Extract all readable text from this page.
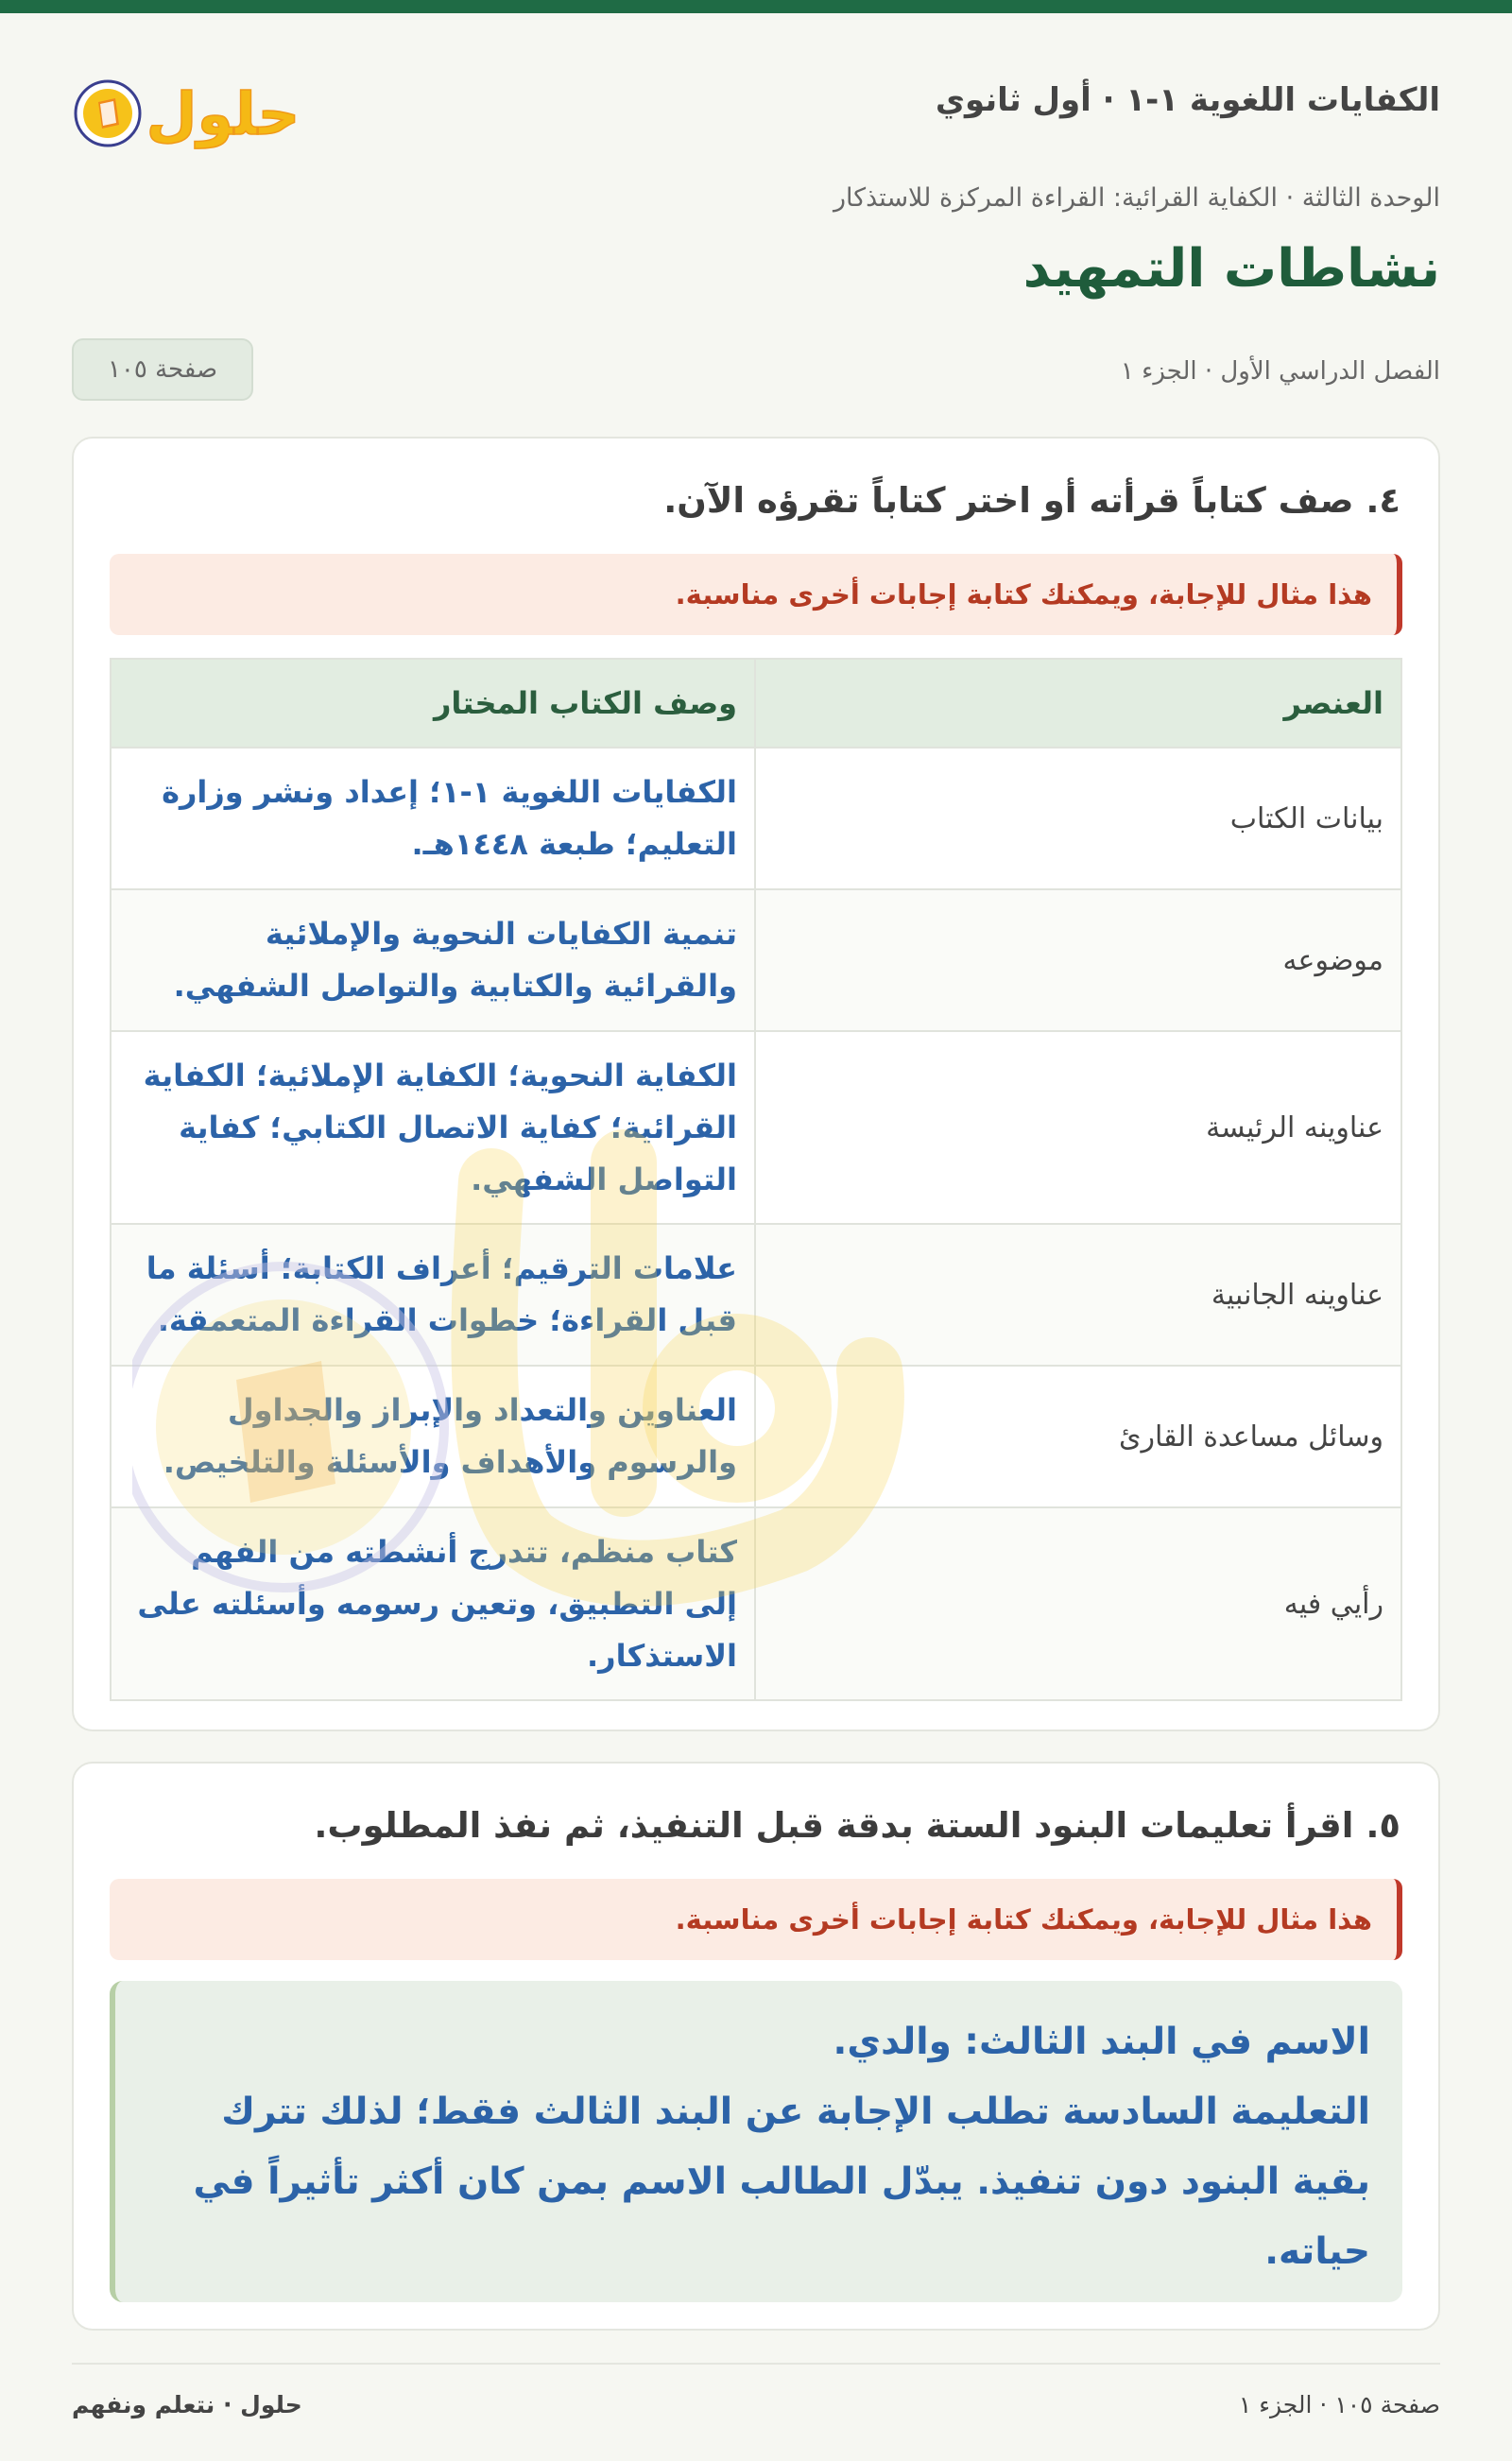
الكفايات اللغوية ١-١ · أول ثانوي
حلول
الوحدة الثالثة · الكفاية القرائية: القراءة المركزة للاستذكار
نشاطات التمهيد
الفصل الدراسي الأول · الجزء ١
صفحة ١٠٥
٤. صف كتاباً قرأته أو اختر كتاباً تقرؤه الآن.
هذا مثال للإجابة، ويمكنك كتابة إجابات أخرى مناسبة.
العنصر	وصف الكتاب المختار
بيانات الكتاب	الكفايات اللغوية ١-١؛ إعداد ونشر وزارة التعليم؛ طبعة ١٤٤٨هـ.
موضوعه	تنمية الكفايات النحوية والإملائية والقرائية والكتابية والتواصل الشفهي.
عناوينه الرئيسة	الكفاية النحوية؛ الكفاية الإملائية؛ الكفاية القرائية؛ كفاية الاتصال الكتابي؛ كفاية التواصل الشفهي.
عناوينه الجانبية	علامات الترقيم؛ أعراف الكتابة؛ أسئلة ما قبل القراءة؛ خطوات القراءة المتعمقة.
وسائل مساعدة القارئ	العناوين والتعداد والإبراز والجداول والرسوم والأهداف والأسئلة والتلخيص.
رأيي فيه	كتاب منظم، تتدرج أنشطته من الفهم إلى التطبيق، وتعين رسومه وأسئلته على الاستذكار.
٥. اقرأ تعليمات البنود الستة بدقة قبل التنفيذ، ثم نفذ المطلوب.
هذا مثال للإجابة، ويمكنك كتابة إجابات أخرى مناسبة.
الاسم في البند الثالث: والدي.
التعليمة السادسة تطلب الإجابة عن البند الثالث فقط؛ لذلك تترك بقية البنود دون تنفيذ. يبدّل الطالب الاسم بمن كان أكثر تأثيراً في حياته.
صفحة ١٠٥ · الجزء ١
حلول · نتعلم ونفهم
